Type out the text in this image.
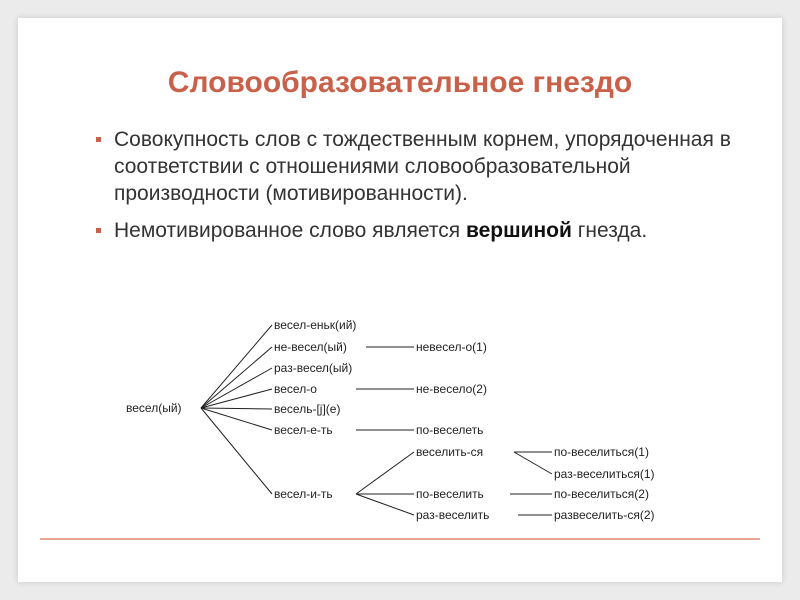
Словообразовательное гнездо
Совокупность слов с тождественным корнем, упорядоченная в соответствии с отношениями словообразовательной производности (мотивированности).
Немотивированное слово является вершиной гнезда.
весел(ый)
весел-еньк(ий)
не-весел(ый)
раз-весел(ый)
весел-о
весель-[j](е)
весел-е-ть
весел-и-ть
невесел-о(1)
не-весело(2)
по-веселеть
веселить-ся
по-веселить
раз-веселить
по-веселиться(1)
раз-веселиться(1)
по-веселиться(2)
развеселить-ся(2)
